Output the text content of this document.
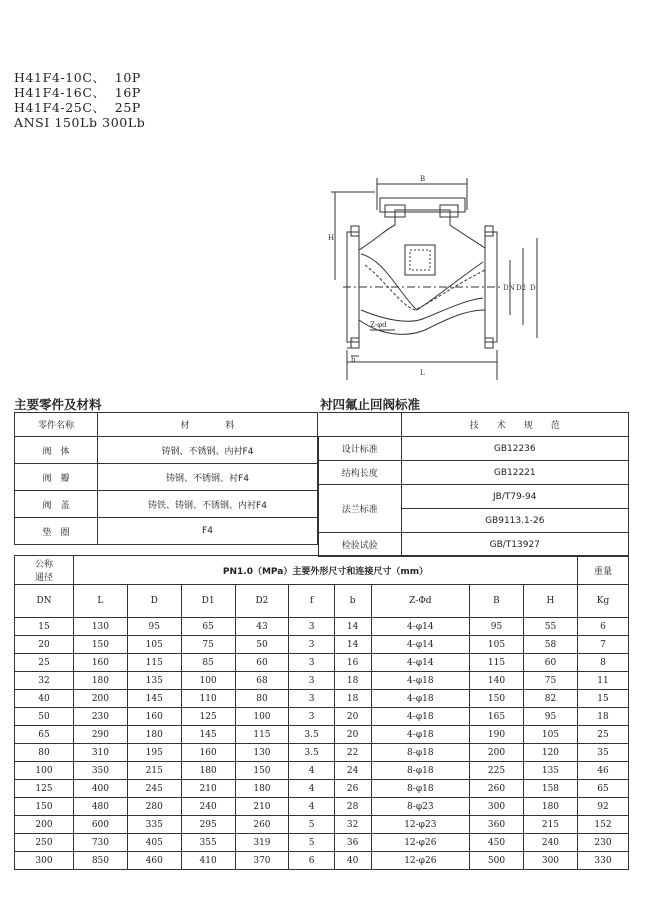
H41F4-10C、  10P
H41F4-16C、  16P
H41F4-25C、  25P
ANSI 150Lb 300Lb
B
H
DN D2 D
Z-φd
f
b
L
主要零件及材料	衬四氟止回阀标准
零件名称	材　　　　料
阀　体	铸钢、不锈钢、内衬F4
阀　瓣	铸钢、不锈钢、衬F4
阀　盖	铸铁、铸钢、不锈钢、内衬F4
垫　圈	F4
	技　　术　　规　　范
设计标准	GB12236
结构长度	GB12221
法兰标准	JB/T79-94
	GB9113.1-26
检验试验	GB/T13927
公称
通径	PN1.0（MPa）主要外形尺寸和连接尺寸（mm）									重量
DN	L	D	D1	D2	f	b	Z-Φd	B	H	Kg
15	130	95	65	43	3	14	4-φ14	95	55	6
20	150	105	75	50	3	14	4-φ14	105	58	7
25	160	115	85	60	3	16	4-φ14	115	60	8
32	180	135	100	68	3	18	4-φ18	140	75	11
40	200	145	110	80	3	18	4-φ18	150	82	15
50	230	160	125	100	3	20	4-φ18	165	95	18
65	290	180	145	115	3.5	20	4-φ18	190	105	25
80	310	195	160	130	3.5	22	8-φ18	200	120	35
100	350	215	180	150	4	24	8-φ18	225	135	46
125	400	245	210	180	4	26	8-φ18	260	158	65
150	480	280	240	210	4	28	8-φ23	300	180	92
200	600	335	295	260	5	32	12-φ23	360	215	152
250	730	405	355	319	5	36	12-φ26	450	240	230
300	850	460	410	370	6	40	12-φ26	500	300	330
